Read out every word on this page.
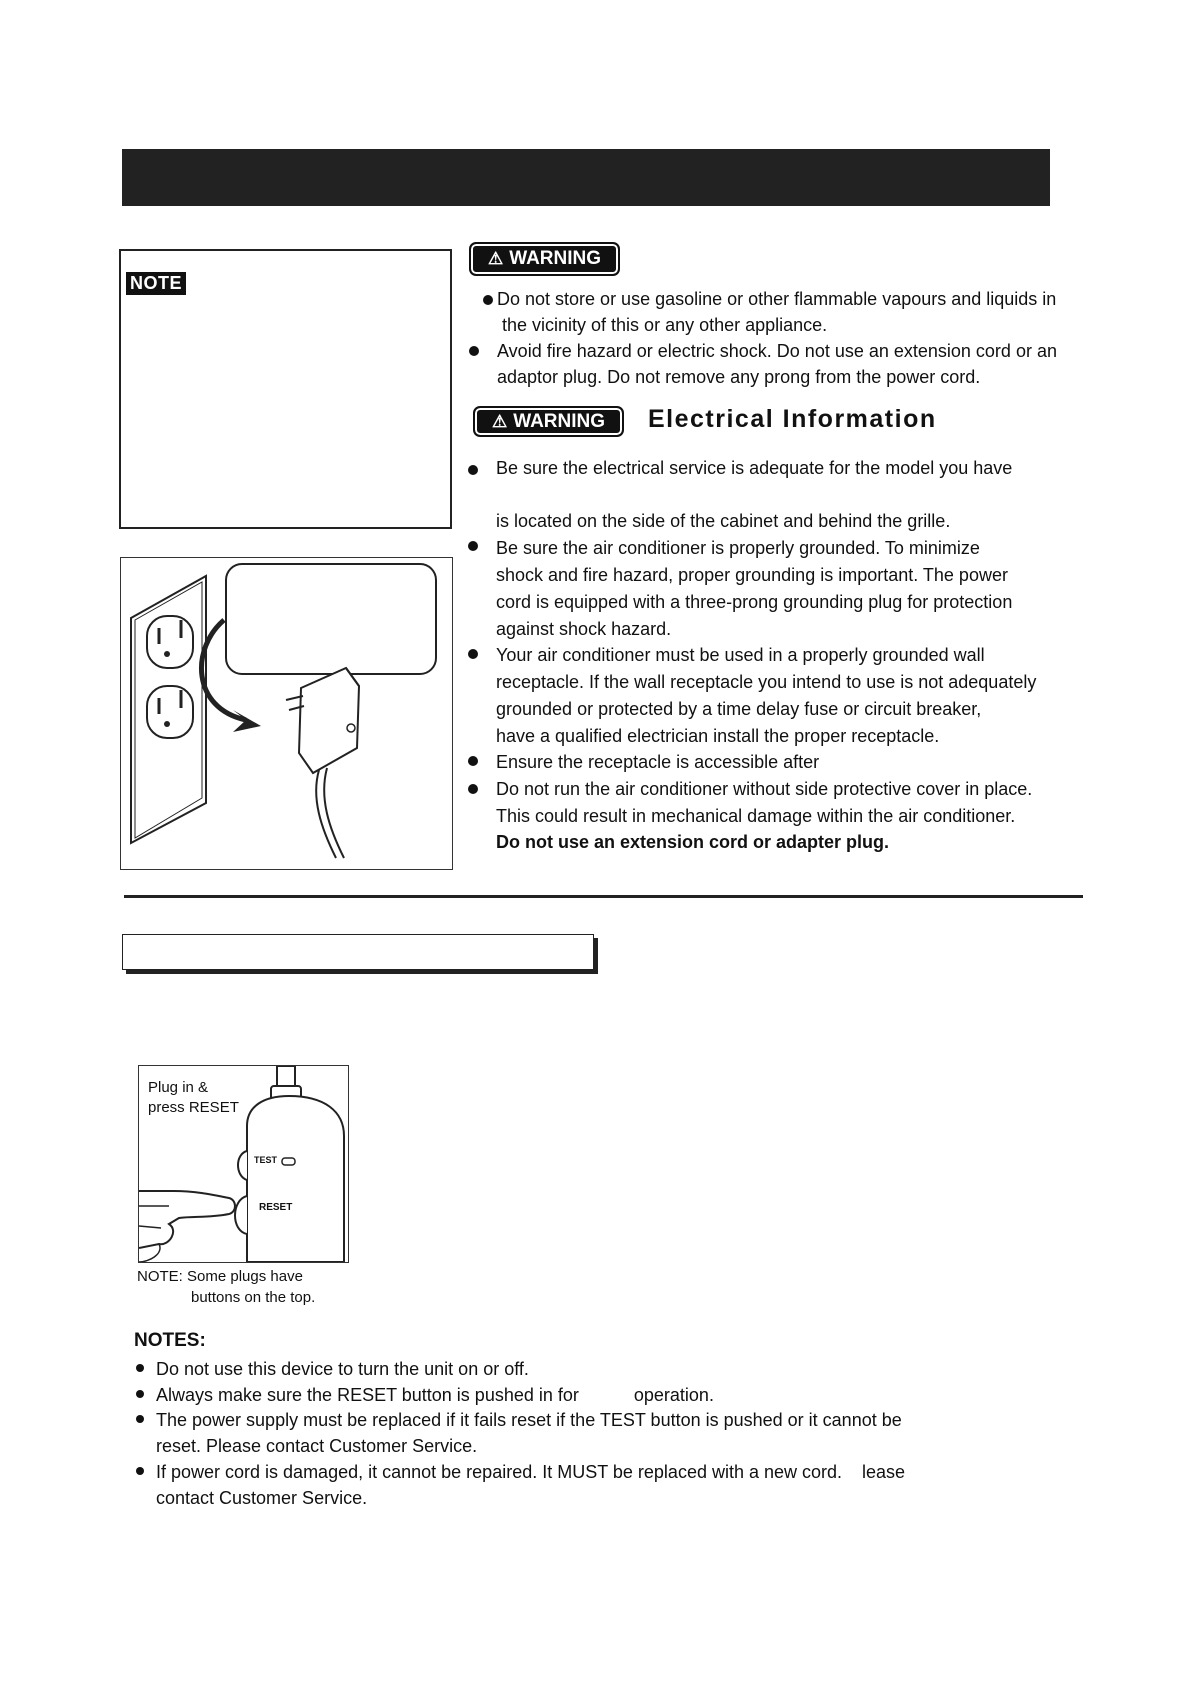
NOTE
⚠ WARNING
Do not store or use gasoline or other flammable vapours and liquids in
the vicinity of this or any other appliance.
Avoid fire hazard or electric shock. Do not use an extension cord or an
adaptor plug. Do not remove any prong from the power cord.
⚠ WARNING Electrical Information
Be sure the electrical service is adequate for the model you have
is located on the side of the cabinet and behind the grille.
Be sure the air conditioner is properly grounded. To minimize
shock and fire hazard, proper grounding is important. The power
cord is equipped with a three-prong grounding plug for protection
against shock hazard.
Your air conditioner must be used in a properly grounded wall
receptacle. If the wall receptacle you intend to use is not adequately
grounded or protected by a time delay fuse or circuit breaker,
have a qualified electrician install the proper receptacle.
Ensure the receptacle is accessible after
Do not run the air conditioner without side protective cover in place.
This could result in mechanical damage within the air conditioner.
Do not use an extension cord or adapter plug.
Plug in &
press RESET
TEST
RESET
NOTE: Some plugs have
buttons on the top.
NOTES:
Do not use this device to turn the unit on or off.
Always make sure the RESET button is pushed in for           operation.
The power supply must be replaced if it fails reset if the TEST button is pushed or it cannot be
reset. Please contact Customer Service.
If power cord is damaged, it cannot be repaired. It MUST be replaced with a new cord.    lease
contact Customer Service.
